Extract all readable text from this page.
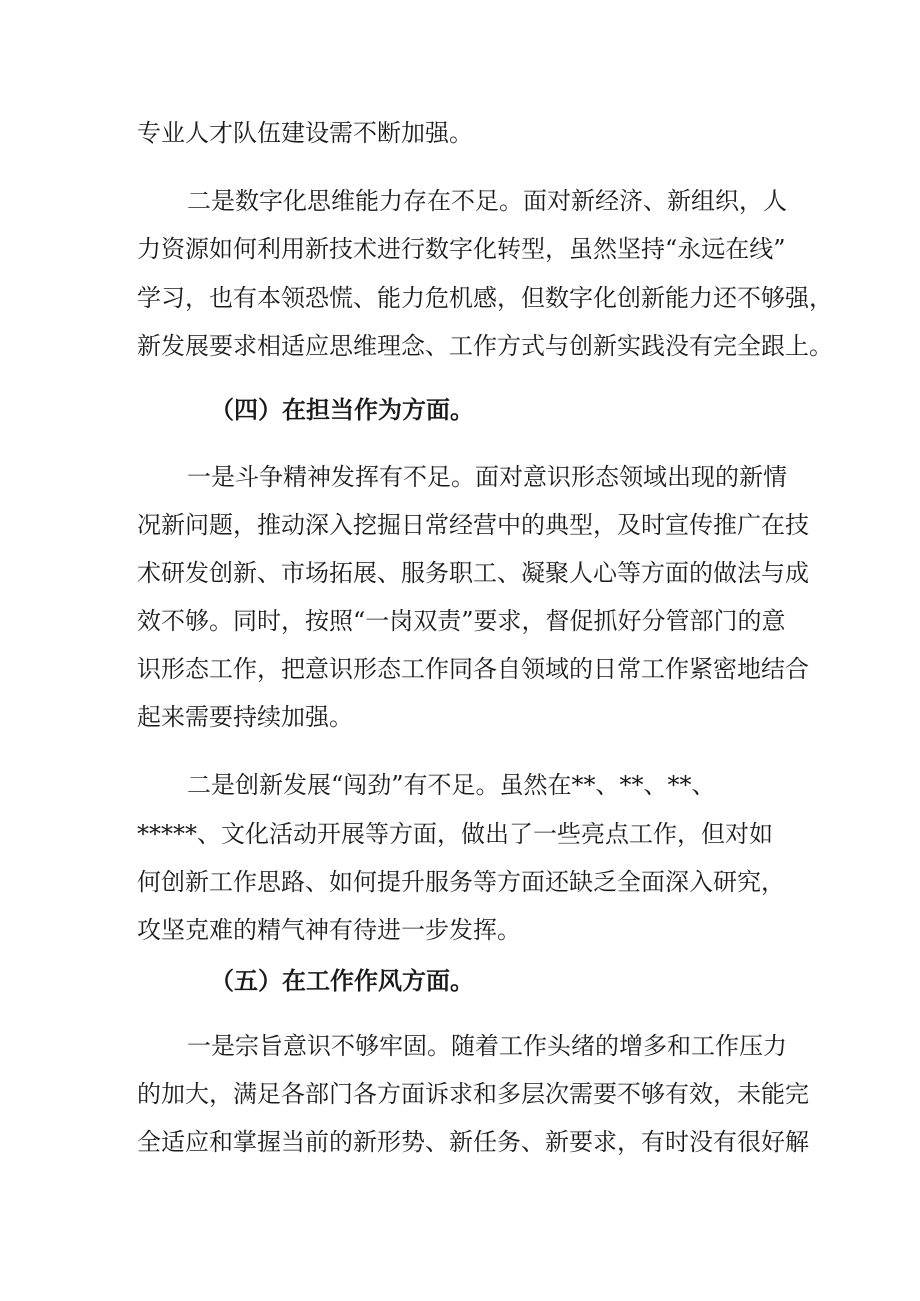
专业人才队伍建设需不断加强。
二是数字化思维能力存在不足。面对新经济、新组织，人
力资源如何利用新技术进行数字化转型，虽然坚持“永远在线”
学习，也有本领恐慌、能力危机感，但数字化创新能力还不够强，
新发展要求相适应思维理念、工作方式与创新实践没有完全跟上。
（四）在担当作为方面。
一是斗争精神发挥有不足。面对意识形态领域出现的新情
况新问题，推动深入挖掘日常经营中的典型，及时宣传推广在技
术研发创新、市场拓展、服务职工、凝聚人心等方面的做法与成
效不够。同时，按照“一岗双责”要求，督促抓好分管部门的意
识形态工作，把意识形态工作同各自领域的日常工作紧密地结合
起来需要持续加强。
二是创新发展“闯劲”有不足。虽然在**、**、**、
*****、文化活动开展等方面，做出了一些亮点工作，但对如
何创新工作思路、如何提升服务等方面还缺乏全面深入研究，
攻坚克难的精气神有待进一步发挥。
（五）在工作作风方面。
一是宗旨意识不够牢固。随着工作头绪的增多和工作压力
的加大，满足各部门各方面诉求和多层次需要不够有效，未能完
全适应和掌握当前的新形势、新任务、新要求，有时没有很好解
